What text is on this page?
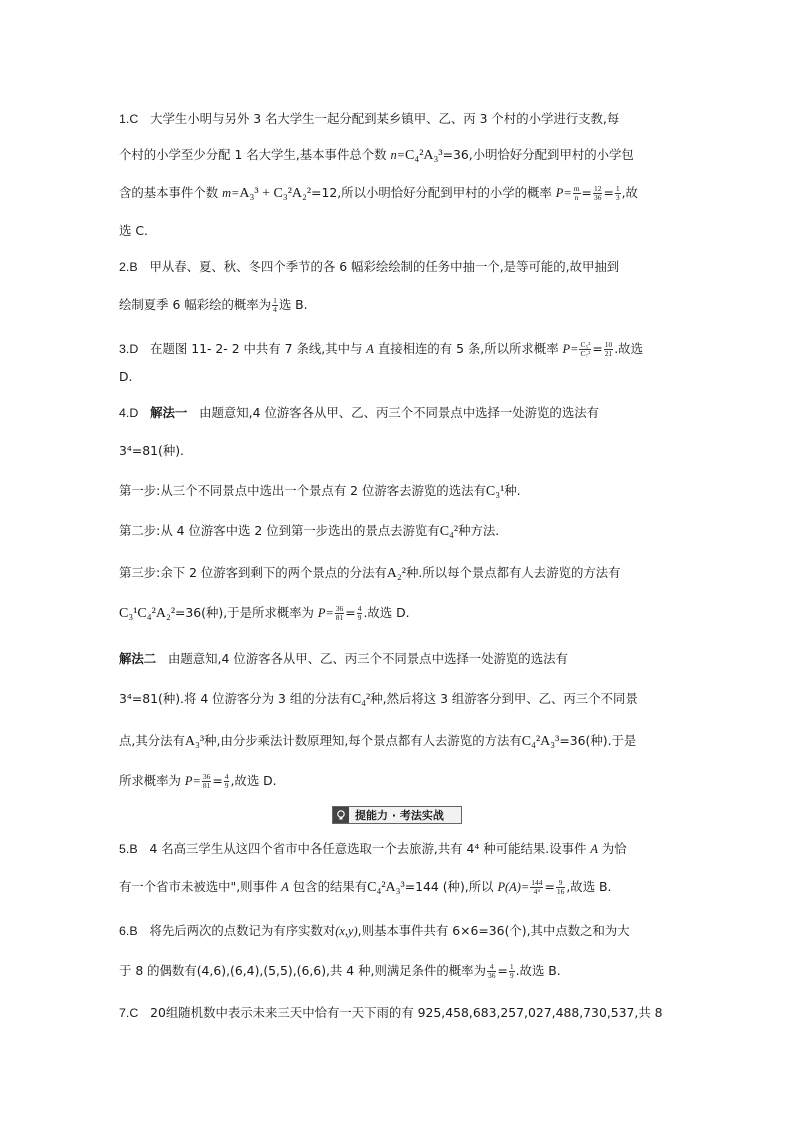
1.C 大学生小明与另外 3 名大学生一起分配到某乡镇甲、乙、丙 3 个村的小学进行支教,每
个村的小学至少分配 1 名大学生,基本事件总个数 n=C₄²A₃³=36,小明恰好分配到甲村的小学包
含的基本事件个数 m=A₃³ + C₃²A₂²=12,所以小明恰好分配到甲村的小学的概率 $P= \frac{m}{n} = \frac{12}{36} = \frac{1}{3}$ ,故
选 C.
2.B 甲从春、夏、秋、冬四个季节的各 6 幅彩绘绘制的任务中抽一个,是等可能的,故甲抽到
绘制夏季 6 幅彩绘的概率为 $\frac{1}{4}$ 选 B.
3.D 在题图 11- 2- 2 中共有 7 条线,其中与 A 直接相连的有 5 条,所以所求概率 $P= \frac{\text{C₅²}}{\text{C₇²}} = \frac{10}{21}$ .故选
D.
4.D 解法一 由题意知,4 位游客各从甲、乙、丙三个不同景点中选择一处游览的选法有
3⁴=81(种).
第一步:从三个不同景点中选出一个景点有 2 位游客去游览的选法有C₃¹种.
第二步:从 4 位游客中选 2 位到第一步选出的景点去游览有C₄²种方法.
第三步:余下 2 位游客到剩下的两个景点的分法有A₂²种.所以每个景点都有人去游览的方法有
C₃¹C₄²A₂²=36(种),于是所求概率为 $P= \frac{36}{81} = \frac{4}{9}$ .故选 D.
解法二 由题意知,4 位游客各从甲、乙、丙三个不同景点中选择一处游览的选法有
3⁴=81(种).将 4 位游客分为 3 组的分法有C₄²种,然后将这 3 组游客分到甲、乙、丙三个不同景
点,其分法有A₃³种,由分步乘法计数原理知,每个景点都有人去游览的方法有C₄²A₃³=36(种).于是
所求概率为 $P= \frac{36}{81} = \frac{4}{9}$ ,故选 D.
提能力 · 考法实战
5.B 4 名高三学生从这四个省市中各任意选取一个去旅游,共有 4⁴ 种可能结果.设事件 A 为恰
有一个省市未被选中",则事件 A 包含的结果有C₄²A₃³=144 (种),所以 $P(A)= \frac{144}{\text{4⁴}} = \frac{9}{16}$ ,故选 B.
6.B 将先后两次的点数记为有序实数对(x,y),则基本事件共有 6×6=36(个),其中点数之和为大
于 8 的偶数有(4,6),(6,4),(5,5),(6,6),共 4 种,则满足条件的概率为 $\frac{4}{36} = \frac{1}{9}$ .故选 B.
7.C 20组随机数中表示未来三天中恰有一天下雨的有 925,458,683,257,027,488,730,537,共 8
